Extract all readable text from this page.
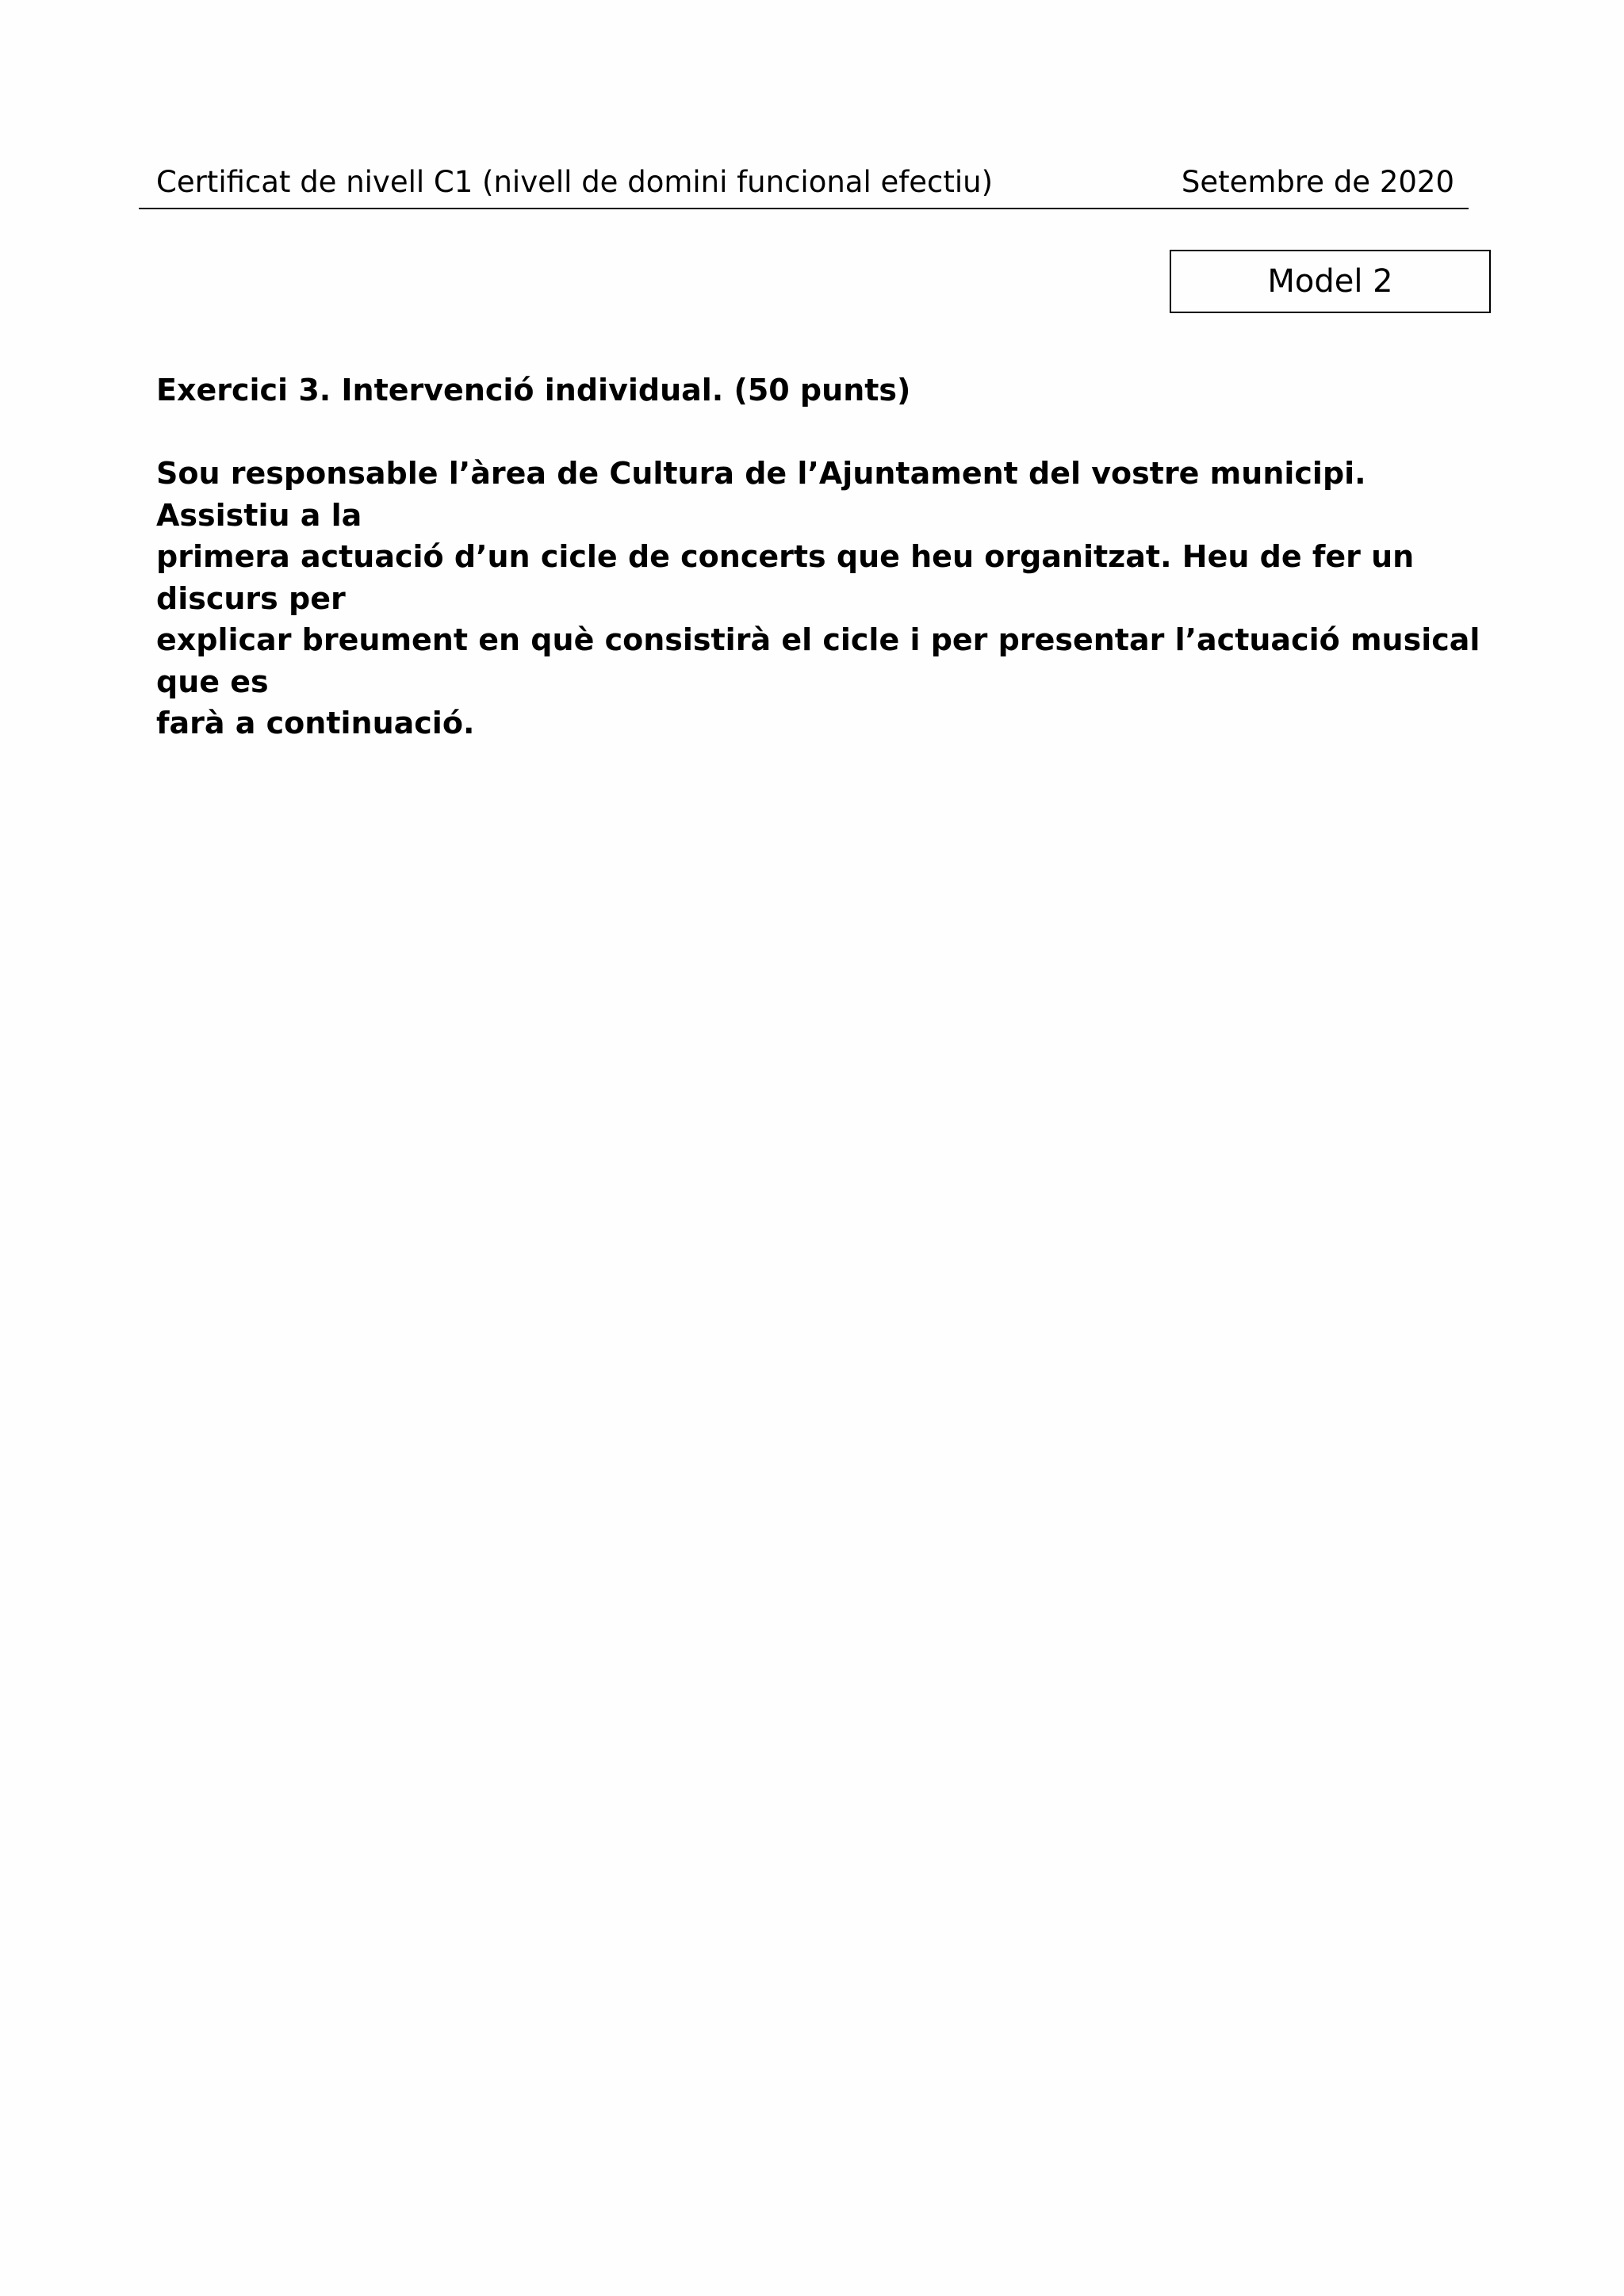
Certificat de nivell C1 (nivell de domini funcional efectiu)	Setembre de 2020
Model 2
Exercici 3. Intervenció individual. (50 punts)
Sou responsable l’àrea de Cultura de l’Ajuntament del vostre municipi. Assistiu a la
primera actuació d’un cicle de concerts que heu organitzat. Heu de fer un discurs per
explicar breument en què consistirà el cicle i per presentar l’actuació musical que es
farà a continuació.
